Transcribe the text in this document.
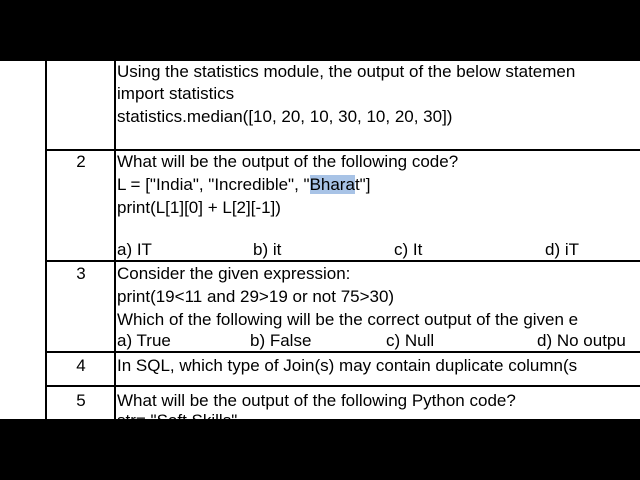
Using the statistics module, the output of the below statemen
import statistics
statistics.median([10, 20, 10, 30, 10, 20, 30])
2	What will be the output of the following code?
L = ["India", "Incredible", "Bharat"]
print(L[1][0] + L[2][-1])
a) IT	b) it	c) It	d) iT
3	Consider the given expression:
print(19<11 and 29>19 or not 75>30)
Which of the following will be the correct output of the given e
a) True	b) False	c) Null	d) No outpu
4	In SQL, which type of Join(s) may contain duplicate column(s
5	What will be the output of the following Python code?
str= "Soft Skills"
